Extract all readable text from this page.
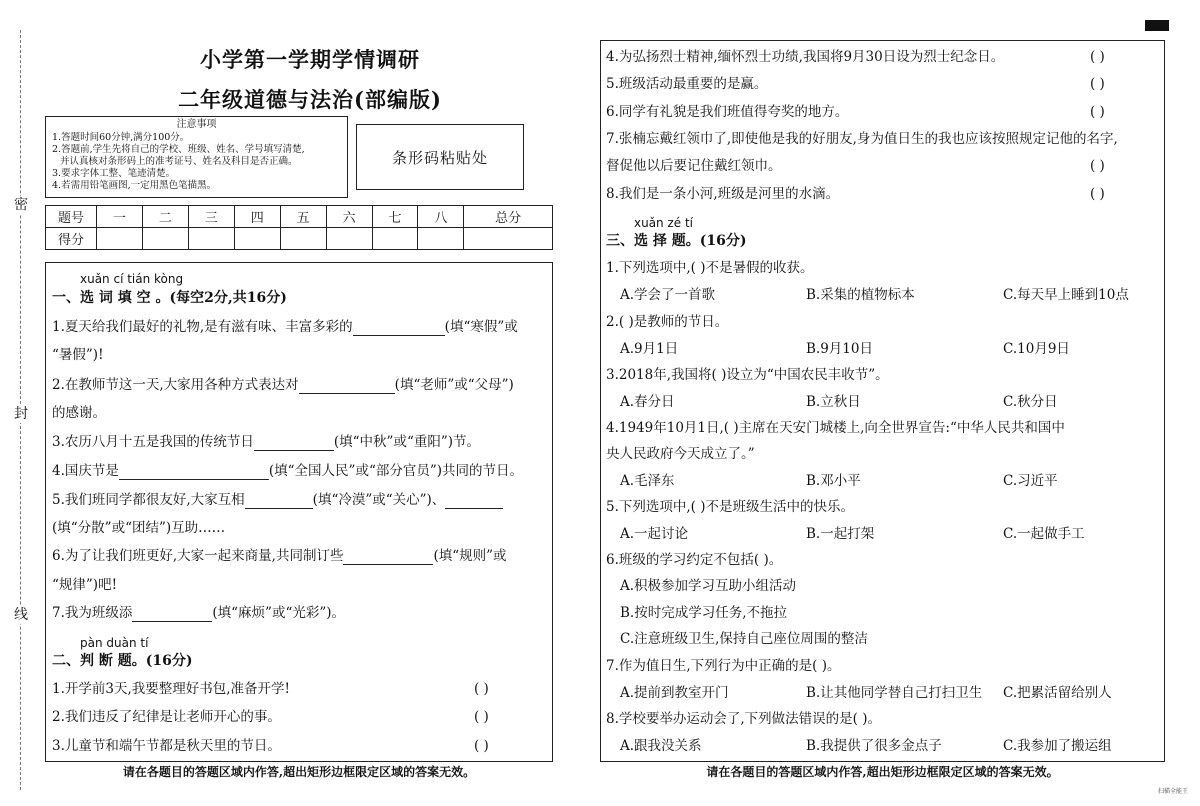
密
封
线
小学第一学期学情调研
二年级道德与法治(部编版)
注意事项
1.答题时间60分钟,满分100分。
2.答题前,学生先将自己的学校、班级、姓名、学号填写清楚,
并认真核对条形码上的准考证号、姓名及科目是否正确。
3.要求字体工整、笔迹清楚。
4.若需用铅笔画图,一定用黑色笔描黑。
条形码粘贴处
题号	一	二	三	四	五	六	七	八	总分
得分									
xuǎn cí tián kòng
一、选 词 填 空 。(每空2分,共16分)
1.夏天给我们最好的礼物,是有滋有味、丰富多彩的	(填“寒假”或
“暑假”)!
2.在教师节这一天,大家用各种方式表达对	(填“老师”或“父母”)
的感谢。
3.农历八月十五是我国的传统节日	(填“中秋”或“重阳”)节。
4.国庆节是	(填“全国人民”或“部分官员”)共同的节日。
5.我们班同学都很友好,大家互相	(填“冷漠”或“关心”)、
(填“分散”或“团结”)互助……
6.为了让我们班更好,大家一起来商量,共同制订些	(填“规则”或
“规律”)吧!
7.我为班级添	(填“麻烦”或“光彩”)。
pàn duàn tí
二、判 断 题。(16分)
1.开学前3天,我要整理好书包,准备开学!	( )
2.我们违反了纪律是让老师开心的事。	( )
3.儿童节和端午节都是秋天里的节日。	( )
请在各题目的答题区域内作答,超出矩形边框限定区域的答案无效。
4.为弘扬烈士精神,缅怀烈士功绩,我国将9月30日设为烈士纪念日。	( )
5.班级活动最重要的是赢。	( )
6.同学有礼貌是我们班值得夸奖的地方。	( )
7.张楠忘戴红领巾了,即使他是我的好朋友,身为值日生的我也应该按照规定记他的名字,
督促他以后要记住戴红领巾。	( )
8.我们是一条小河,班级是河里的水滴。	( )
xuǎn zé tí
三、选 择 题。(16分)
1.下列选项中,( )不是暑假的收获。
A.学会了一首歌	B.采集的植物标本	C.每天早上睡到10点
2.( )是教师的节日。
A.9月1日	B.9月10日	C.10月9日
3.2018年,我国将( )设立为“中国农民丰收节”。
A.春分日	B.立秋日	C.秋分日
4.1949年10月1日,( )主席在天安门城楼上,向全世界宣告:“中华人民共和国中
央人民政府今天成立了。”
A.毛泽东	B.邓小平	C.习近平
5.下列选项中,( )不是班级生活中的快乐。
A.一起讨论	B.一起打架	C.一起做手工
6.班级的学习约定不包括( )。
A.积极参加学习互助小组活动
B.按时完成学习任务,不拖拉
C.注意班级卫生,保持自己座位周围的整洁
7.作为值日生,下列行为中正确的是( )。
A.提前到教室开门	B.让其他同学替自己打扫卫生 C.把累活留给别人
8.学校要举办运动会了,下列做法错误的是( )。
A.跟我没关系	B.我提供了很多金点子	C.我参加了搬运组
请在各题目的答题区域内作答,超出矩形边框限定区域的答案无效。
扫描全能王
